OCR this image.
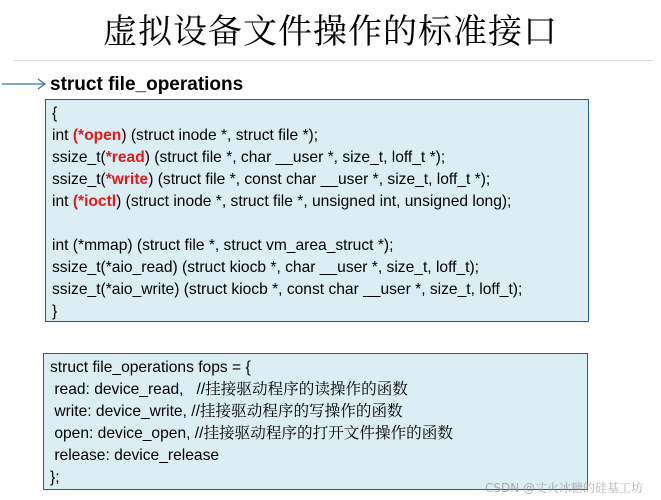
虚拟设备文件操作的标准接口
struct file_operations
{
int (*open) (struct inode *, struct file *);
ssize_t(*read) (struct file *, char __user *, size_t, loff_t *);
ssize_t(*write) (struct file *, const char __user *, size_t, loff_t *);
int (*ioctl) (struct inode *, struct file *, unsigned int, unsigned long);
int (*mmap) (struct file *, struct vm_area_struct *);
ssize_t(*aio_read) (struct kiocb *, char __user *, size_t, loff_t);
ssize_t(*aio_write) (struct kiocb *, const char __user *, size_t, loff_t);
}
struct file_operations fops = {
read: device_read,   //挂接驱动程序的读操作的函数
write: device_write, //挂接驱动程序的写操作的函数
open: device_open, //挂接驱动程序的打开文件操作的函数
release: device_release
};
CSDN @丈火冰糖的硅基工坊
